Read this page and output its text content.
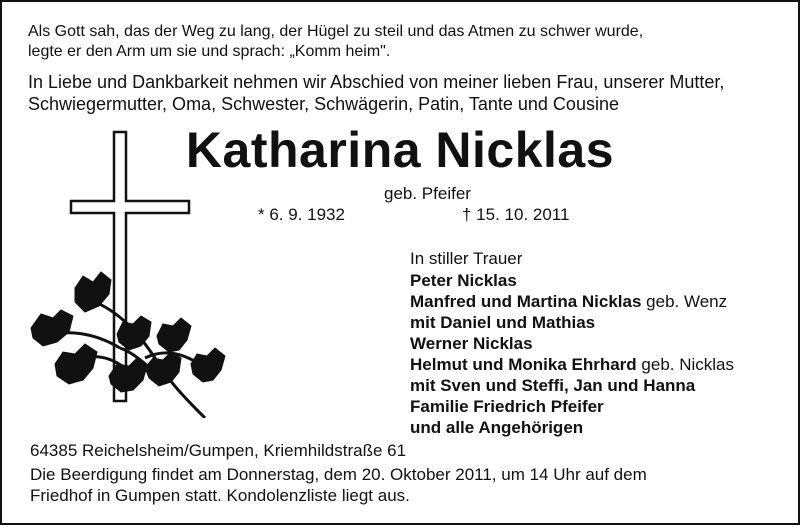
Als Gott sah, das der Weg zu lang, der Hügel zu steil und das Atmen zu schwer wurde,
legte er den Arm um sie und sprach: „Komm heim".
In Liebe und Dankbarkeit nehmen wir Abschied von meiner lieben Frau, unserer Mutter,
Schwiegermutter, Oma, Schwester, Schwägerin, Patin, Tante und Cousine
Katharina Nicklas
geb. Pfeifer
* 6. 9. 1932	† 15. 10. 2011
In stiller Trauer
Peter Nicklas
Manfred und Martina Nicklas geb. Wenz
mit Daniel und Mathias
Werner Nicklas
Helmut und Monika Ehrhard geb. Nicklas
mit Sven und Steffi, Jan und Hanna
Familie Friedrich Pfeifer
und alle Angehörigen
64385 Reichelsheim/Gumpen, Kriemhildstraße 61
Die Beerdigung findet am Donnerstag, dem 20. Oktober 2011, um 14 Uhr auf dem
Friedhof in Gumpen statt. Kondolenzliste liegt aus.
